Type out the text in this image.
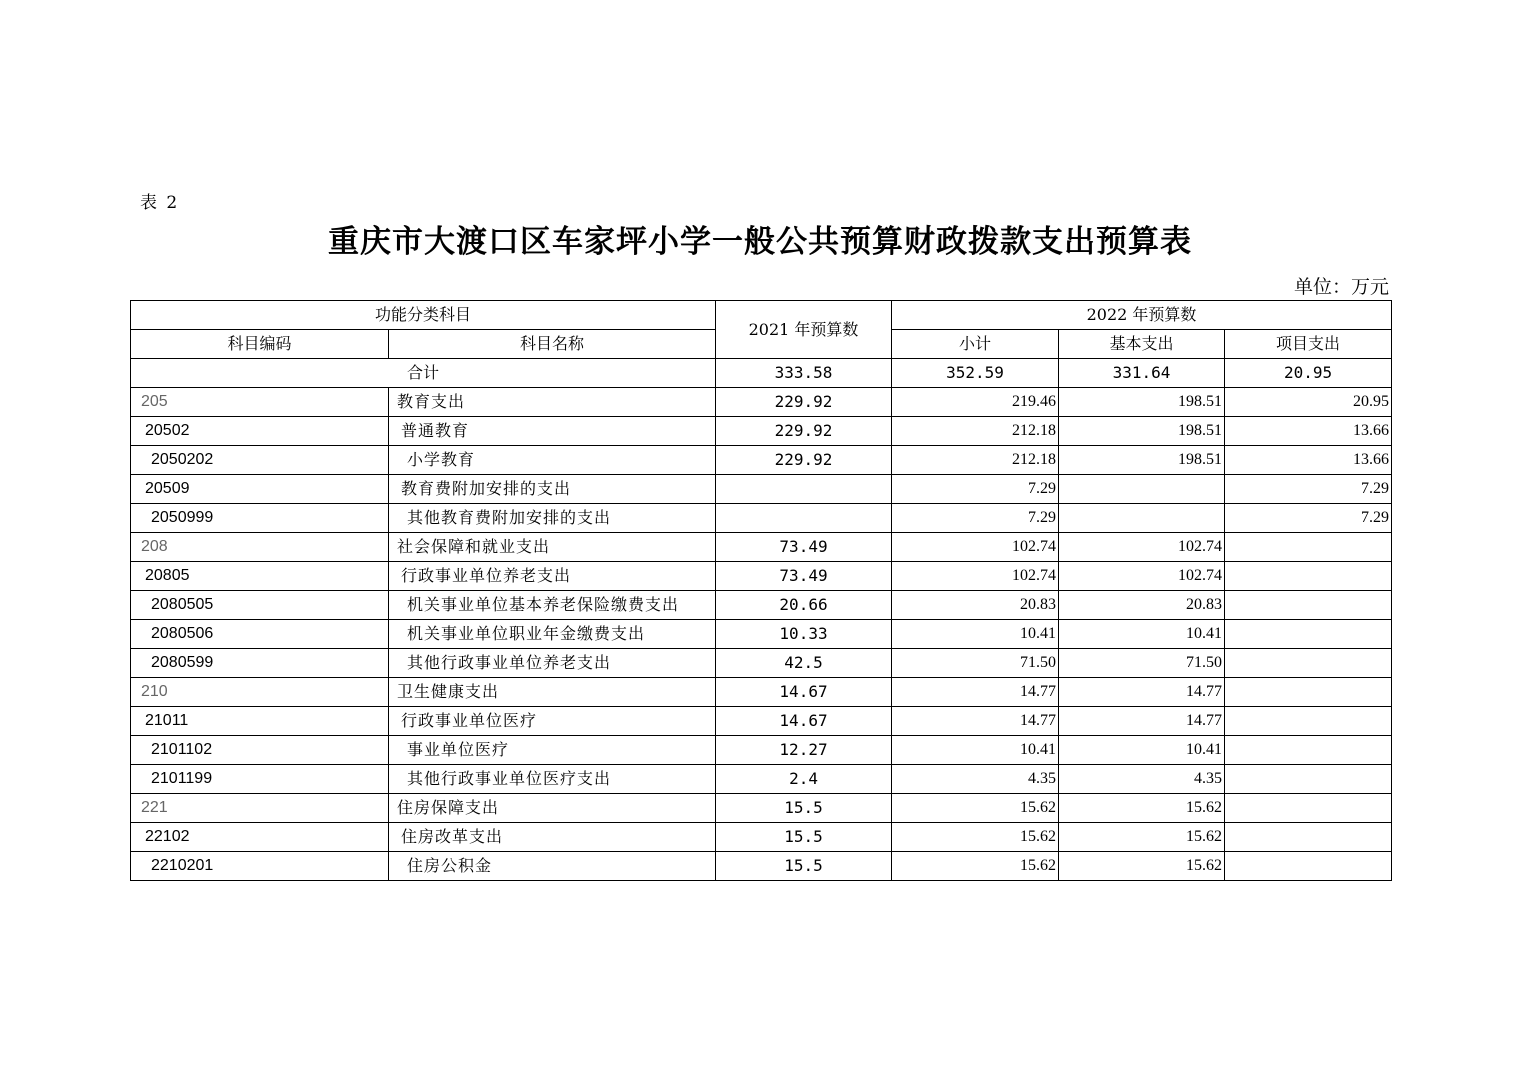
表 2
重庆市大渡口区车家坪小学一般公共预算财政拨款支出预算表
单位：万元
功能分类科目		2021 年预算数	2022 年预算数		
科目编码	科目名称		小计	基本支出	项目支出
合计		333.58	352.59	331.64	20.95
205	教育支出	229.92	219.46	198.51	20.95
20502	普通教育	229.92	212.18	198.51	13.66
2050202	小学教育	229.92	212.18	198.51	13.66
20509	教育费附加安排的支出		7.29		7.29
2050999	其他教育费附加安排的支出		7.29		7.29
208	社会保障和就业支出	73.49	102.74	102.74	
20805	行政事业单位养老支出	73.49	102.74	102.74	
2080505	机关事业单位基本养老保险缴费支出	20.66	20.83	20.83	
2080506	机关事业单位职业年金缴费支出	10.33	10.41	10.41	
2080599	其他行政事业单位养老支出	42.5	71.50	71.50	
210	卫生健康支出	14.67	14.77	14.77	
21011	行政事业单位医疗	14.67	14.77	14.77	
2101102	事业单位医疗	12.27	10.41	10.41	
2101199	其他行政事业单位医疗支出	2.4	4.35	4.35	
221	住房保障支出	15.5	15.62	15.62	
22102	住房改革支出	15.5	15.62	15.62	
2210201	住房公积金	15.5	15.62	15.62	
